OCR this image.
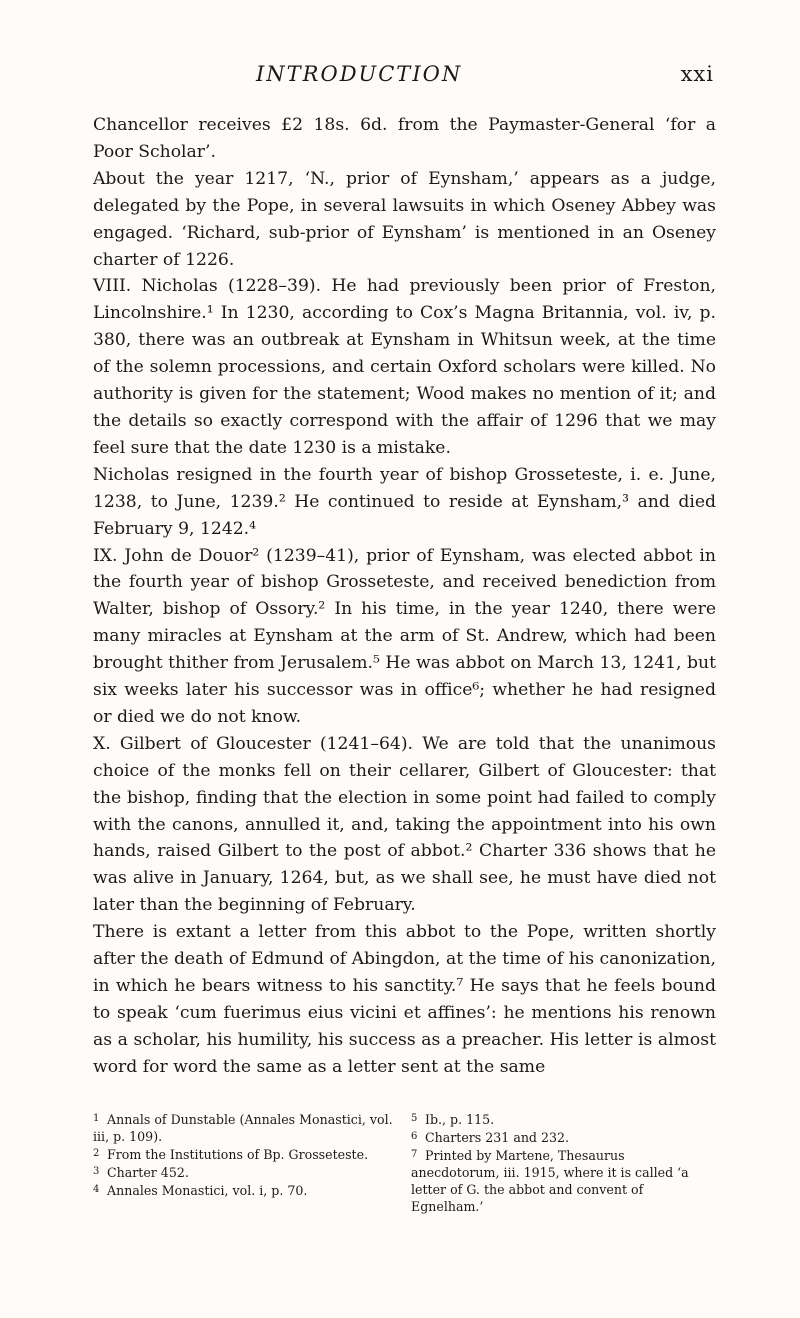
INTRODUCTION	xxi

Chancellor receives £2 18s. 6d. from the Paymaster-General ‘for a Poor Scholar’.

About the year 1217, ‘N., prior of Eynsham,’ appears as a judge, delegated by the Pope, in several lawsuits in which Oseney Abbey was engaged. ‘Richard, sub-prior of Eynsham’ is mentioned in an Oseney charter of 1226.

VIII. Nicholas (1228–39). He had previously been prior of Freston, Lincolnshire.¹ In 1230, according to Cox’s Magna Britannia, vol. iv, p. 380, there was an outbreak at Eynsham in Whitsun week, at the time of the solemn processions, and certain Oxford scholars were killed. No authority is given for the statement; Wood makes no mention of it; and the details so exactly correspond with the affair of 1296 that we may feel sure that the date 1230 is a mistake.

Nicholas resigned in the fourth year of bishop Grosseteste, i. e. June, 1238, to June, 1239.² He continued to reside at Eynsham,³ and died February 9, 1242.⁴

IX. John de Douor² (1239–41), prior of Eynsham, was elected abbot in the fourth year of bishop Grosseteste, and received benediction from Walter, bishop of Ossory.² In his time, in the year 1240, there were many miracles at Eynsham at the arm of St. Andrew, which had been brought thither from Jerusalem.⁵ He was abbot on March 13, 1241, but six weeks later his successor was in office⁶; whether he had resigned or died we do not know.

X. Gilbert of Gloucester (1241–64). We are told that the unanimous choice of the monks fell on their cellarer, Gilbert of Gloucester: that the bishop, finding that the election in some point had failed to comply with the canons, annulled it, and, taking the appointment into his own hands, raised Gilbert to the post of abbot.² Charter 336 shows that he was alive in January, 1264, but, as we shall see, he must have died not later than the beginning of February.

There is extant a letter from this abbot to the Pope, written shortly after the death of Edmund of Abingdon, at the time of his canonization, in which he bears witness to his sanctity.⁷ He says that he feels bound to speak ‘cum fuerimus eius vicini et affines’: he mentions his renown as a scholar, his humility, his success as a preacher. His letter is almost word for word the same as a letter sent at the same

1 Annals of Dunstable (Annales Monastici, vol. iii, p. 109).

2 From the Institutions of Bp. Grosseteste.

3 Charter 452.

4 Annales Monastici, vol. i, p. 70.

5 Ib., p. 115.

6 Charters 231 and 232.

7 Printed by Martene, Thesaurus anecdotorum, iii. 1915, where it is called ‘a letter of G. the abbot and convent of Egnelham.’
